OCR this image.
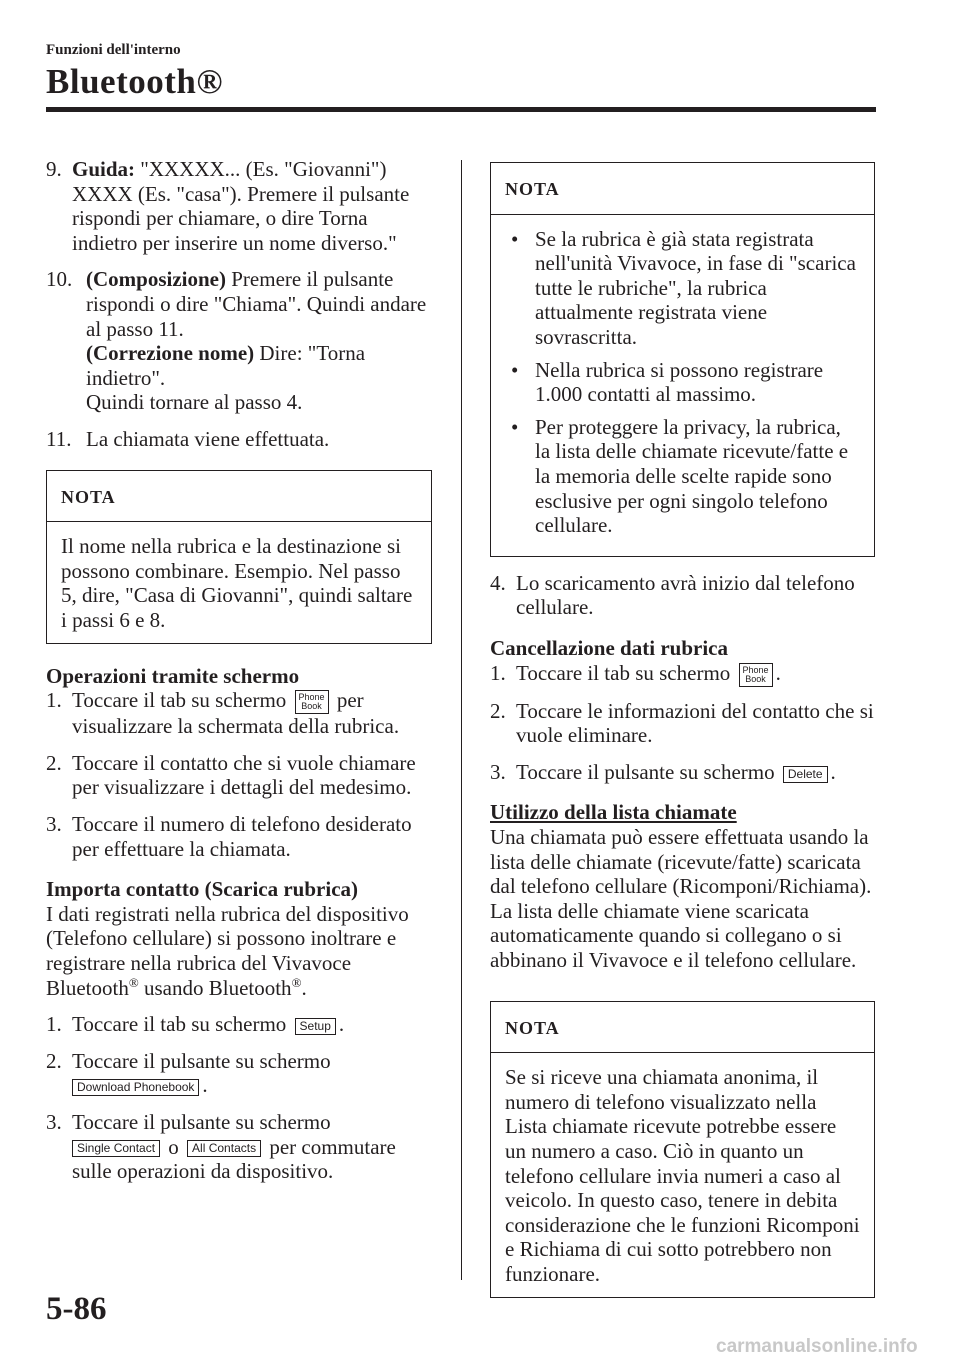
Funzioni dell'interno
Bluetooth®
9. Guida: "XXXXX... (Es. "Giovanni") XXXX (Es. "casa"). Premere il pulsante rispondi per chiamare, o dire Torna indietro per inserire un nome diverso."
10. (Composizione) Premere il pulsante rispondi o dire "Chiama". Quindi andare al passo 11.
(Correzione nome) Dire: "Torna indietro".
Quindi tornare al passo 4.
11. La chiamata viene effettuata.
NOTA
Il nome nella rubrica e la destinazione si possono combinare. Esempio. Nel passo 5, dire, "Casa di Giovanni", quindi saltare i passi 6 e 8.

Operazioni tramite schermo

1. Toccare il tab su schermo Phone
Book per visualizzare la schermata della rubrica.
2. Toccare il contatto che si vuole chiamare per visualizzare i dettagli del medesimo.
3. Toccare il numero di telefono desiderato per effettuare la chiamata.

Importa contatto (Scarica rubrica)

I dati registrati nella rubrica del dispositivo (Telefono cellulare) si possono inoltrare e registrare nella rubrica del Vivavoce Bluetooth® usando Bluetooth®.

1. Toccare il tab su schermo Setup .
2. Toccare il pulsante su schermo
Download Phonebook .
3. Toccare il pulsante su schermo
Single Contact o All Contacts per commutare sulle operazioni da dispositivo.
NOTA
• Se la rubrica è già stata registrata nell'unità Vivavoce, in fase di "scarica tutte le rubriche", la rubrica attualmente registrata viene sovrascritta.
• Nella rubrica si possono registrare 1.000 contatti al massimo.
• Per proteggere la privacy, la rubrica, la lista delle chiamate ricevute/fatte e la memoria delle scelte rapide sono esclusive per ogni singolo telefono cellulare.
4. Lo scaricamento avrà inizio dal telefono cellulare.

Cancellazione dati rubrica

1. Toccare il tab su schermo Phone
Book .
2. Toccare le informazioni del contatto che si vuole eliminare.
3. Toccare il pulsante su schermo Delete .

Utilizzo della lista chiamate

Una chiamata può essere effettuata usando la lista delle chiamate (ricevute/fatte) scaricata dal telefono cellulare (Ricomponi/Richiama).

La lista delle chiamate viene scaricata automaticamente quando si collegano o si abbinano il Vivavoce e il telefono cellulare.

NOTA
Se si riceve una chiamata anonima, il numero di telefono visualizzato nella Lista chiamate ricevute potrebbe essere un numero a caso. Ciò in quanto un telefono cellulare invia numeri a caso al veicolo. In questo caso, tenere in debita considerazione che le funzioni Ricomponi e Richiama di cui sotto potrebbero non funzionare.
5-86
carmanualsonline.info
